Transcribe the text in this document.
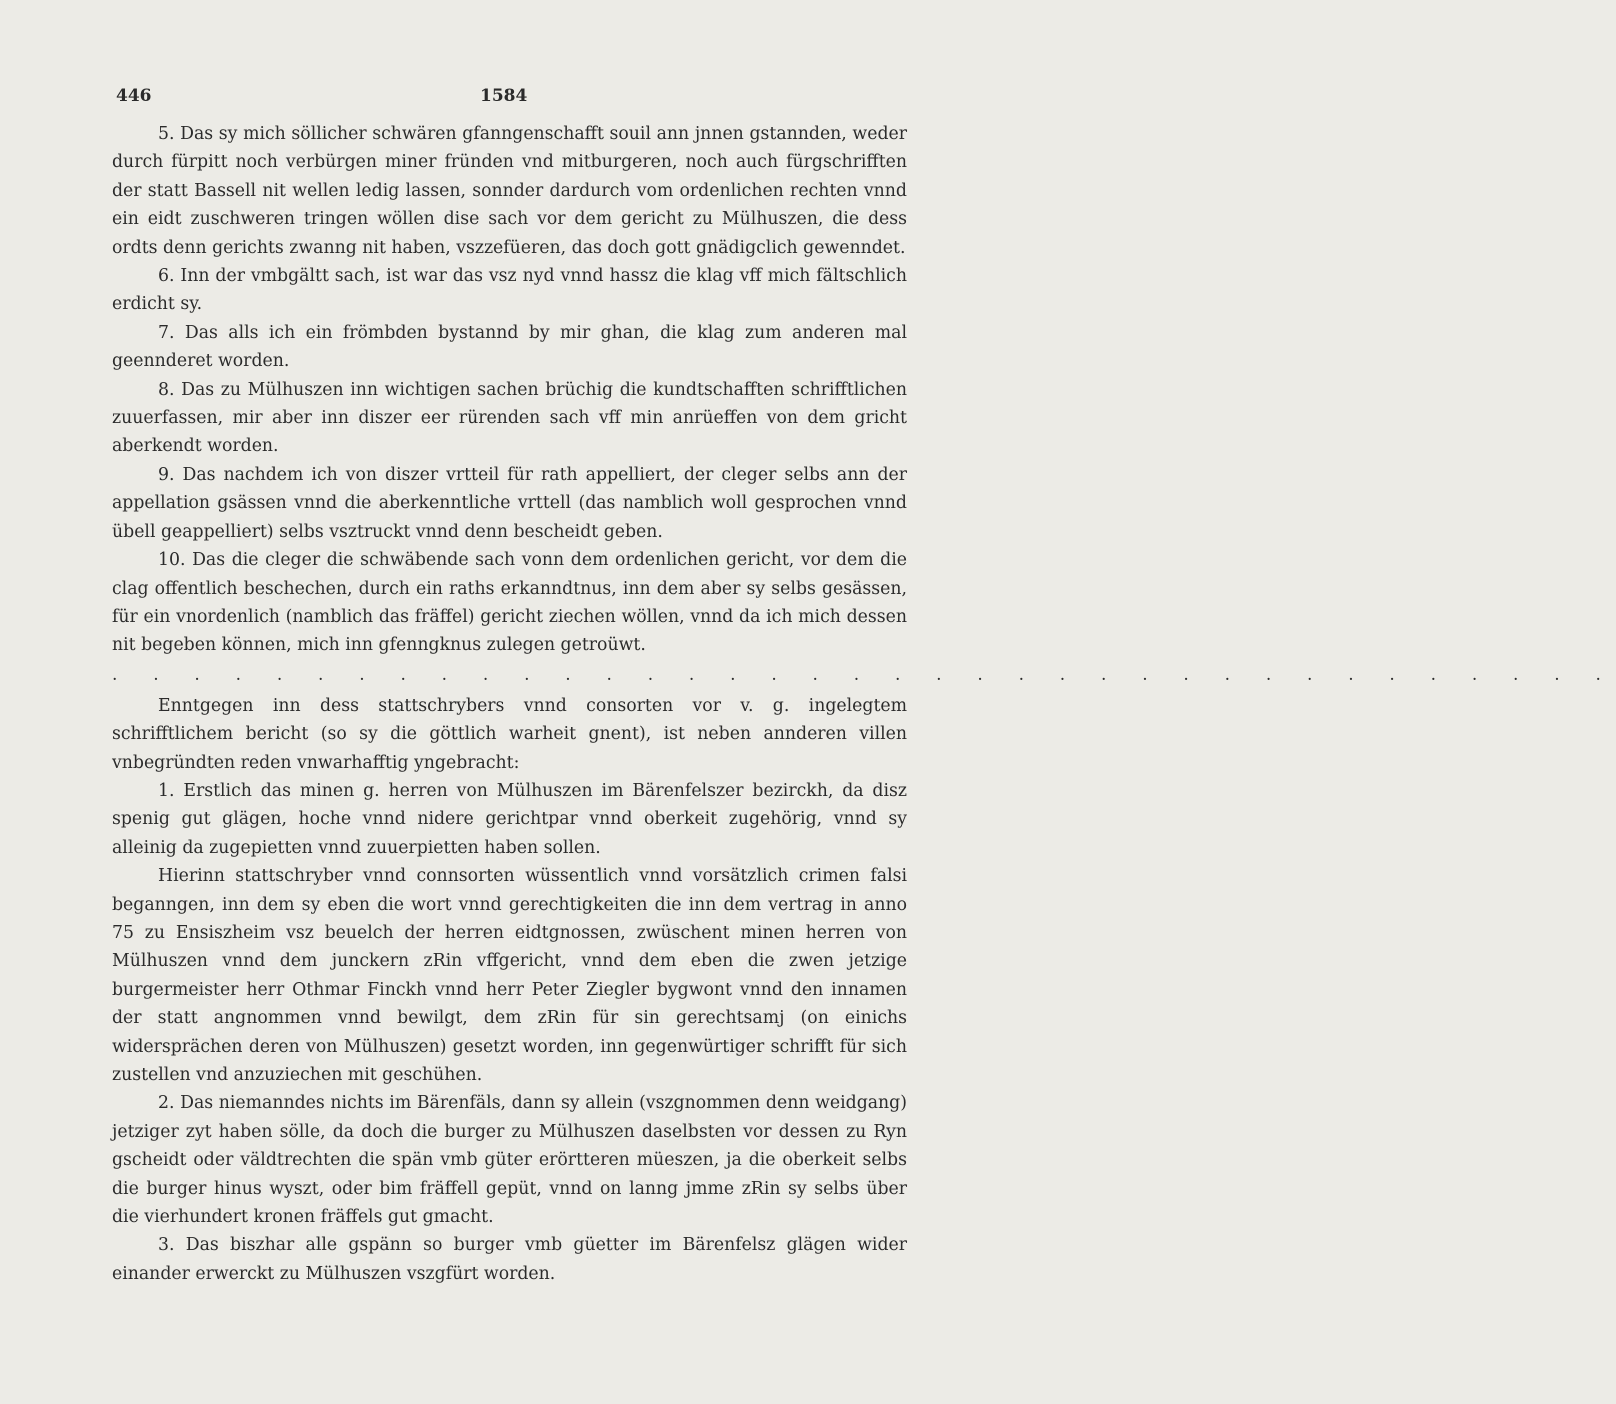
446	1584

5. Das sy mich söllicher schwären gfanngenschafft souil ann jnnen gstannden, weder durch fürpitt noch verbürgen miner fründen vnd mitburgeren, noch auch fürgschrifften der statt Bassell nit wellen ledig lassen, sonnder dardurch vom ordenlichen rechten vnnd ein eidt zuschweren tringen wöllen dise sach vor dem gericht zu Mülhuszen, die dess ordts denn gerichts zwanng nit haben, vszzefüeren, das doch gott gnädigclich gewenndet.

6. Inn der vmbgältt sach, ist war das vsz nyd vnnd hassz die klag vff mich fältschlich erdicht sy.

7. Das alls ich ein frömbden bystannd by mir ghan, die klag zum anderen mal geennderet worden.

8. Das zu Mülhuszen inn wichtigen sachen brüchig die kundtschafften schrifftlichen zuuerfassen, mir aber inn diszer eer rürenden sach vff min anrüeffen von dem gricht aberkendt worden.

9. Das nachdem ich von diszer vrtteil für rath appelliert, der cleger selbs ann der appellation gsässen vnnd die aberkenntliche vrttell (das namblich woll gesprochen vnnd übell geappelliert) selbs vsztruckt vnnd denn bescheidt geben.

10. Das die cleger die schwäbende sach vonn dem ordenlichen gericht, vor dem die clag offentlich beschechen, durch ein raths erkanndtnus, inn dem aber sy selbs gesässen, für ein vnordenlich (namblich das fräffel) gericht ziechen wöllen, vnnd da ich mich dessen nit begeben können, mich inn gfenngknus zulegen getroüwt.

. . . . . . . . . . . . . . . . . . . . . . . . . . . . . . . . . . . . .

Enntgegen inn dess stattschrybers vnnd consorten vor v. g. ingelegtem schrifftlichem bericht (so sy die göttlich warheit gnent), ist neben annderen villen vnbegründten reden vnwarhafftig yngebracht:

1. Erstlich das minen g. herren von Mülhuszen im Bärenfelszer bezirckh, da disz spenig gut glägen, hoche vnnd nidere gerichtpar vnnd oberkeit zugehörig, vnnd sy alleinig da zugepietten vnnd zuuerpietten haben sollen.

Hierinn stattschryber vnnd connsorten wüssentlich vnnd vorsätzlich crimen falsi beganngen, inn dem sy eben die wort vnnd gerechtigkeiten die inn dem vertrag in anno 75 zu Ensiszheim vsz beuelch der herren eidtgnossen, zwüschent minen herren von Mülhuszen vnnd dem junckern zRin vffgericht, vnnd dem eben die zwen jetzige burgermeister herr Othmar Finckh vnnd herr Peter Ziegler bygwont vnnd den innamen der statt angnommen vnnd bewilgt, dem zRin für sin gerechtsamj (on einichs widersprächen deren von Mülhuszen) gesetzt worden, inn gegenwürtiger schrifft für sich zustellen vnd anzuziechen mit geschühen.

2. Das niemanndes nichts im Bärenfäls, dann sy allein (vszgnommen denn weidgang) jetziger zyt haben sölle, da doch die burger zu Mülhuszen daselbsten vor dessen zu Ryn gscheidt oder väldtrechten die spän vmb güter erörtteren müeszen, ja die oberkeit selbs die burger hinus wyszt, oder bim fräffell gepüt, vnnd on lanng jmme zRin sy selbs über die vierhundert kronen fräffels gut gmacht.

3. Das biszhar alle gspänn so burger vmb güetter im Bärenfelsz glägen wider einander erwerckt zu Mülhuszen vszgfürt worden.
